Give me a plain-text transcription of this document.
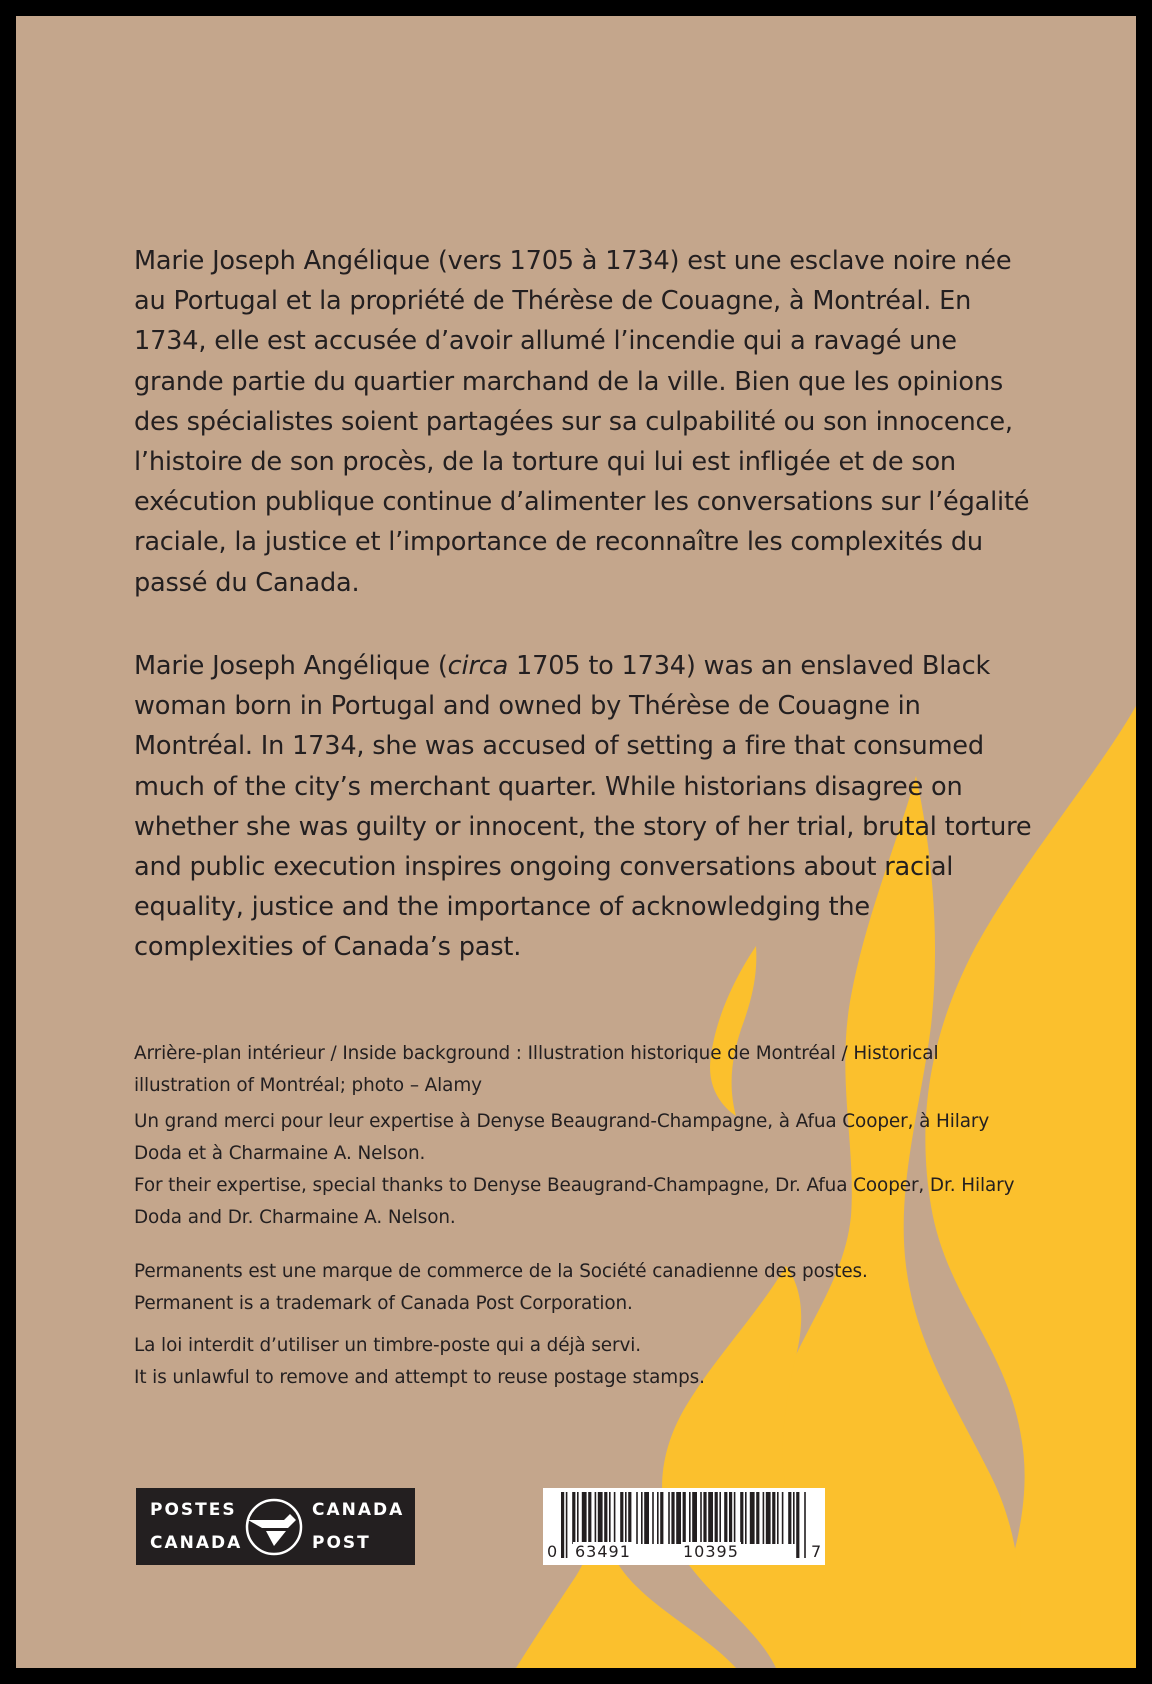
Marie Joseph Angélique (vers 1705 à 1734) est une esclave noire née au Portugal et la propriété de Thérèse de Couagne, à Montréal. En 1734, elle est accusée d’avoir allumé l’incendie qui a ravagé une grande partie du quartier marchand de la ville. Bien que les opinions des spécialistes soient partagées sur sa culpabilité ou son innocence, l’histoire de son procès, de la torture qui lui est infligée et de son exécution publique continue d’alimenter les conversations sur l’égalité raciale, la justice et l’importance de reconnaître les complexités du passé du Canada.

Marie Joseph Angélique (circa 1705 to 1734) was an enslaved Black woman born in Portugal and owned by Thérèse de Couagne in Montréal. In 1734, she was accused of setting a fire that consumed much of the city’s merchant quarter. While historians disagree on whether she was guilty or innocent, the story of her trial, brutal torture and public execution inspires ongoing conversations about racial equality, justice and the importance of acknowledging the complexities of Canada’s past.

Arrière-plan intérieur / Inside background : Illustration historique de Montréal / Historical illustration of Montréal; photo – Alamy

Un grand merci pour leur expertise à Denyse Beaugrand-Champagne, à Afua Cooper, à Hilary Doda et à Charmaine A. Nelson.

For their expertise, special thanks to Denyse Beaugrand-Champagne, Dr. Afua Cooper, Dr. Hilary Doda and Dr. Charmaine A. Nelson.

Permanents est une marque de commerce de la Société canadienne des postes.

Permanent is a trademark of Canada Post Corporation.

La loi interdit d’utiliser un timbre-poste qui a déjà servi.

It is unlawful to remove and attempt to reuse postage stamps.

POSTES
CANADA
CANADA
POST	0 63491	10395	7
